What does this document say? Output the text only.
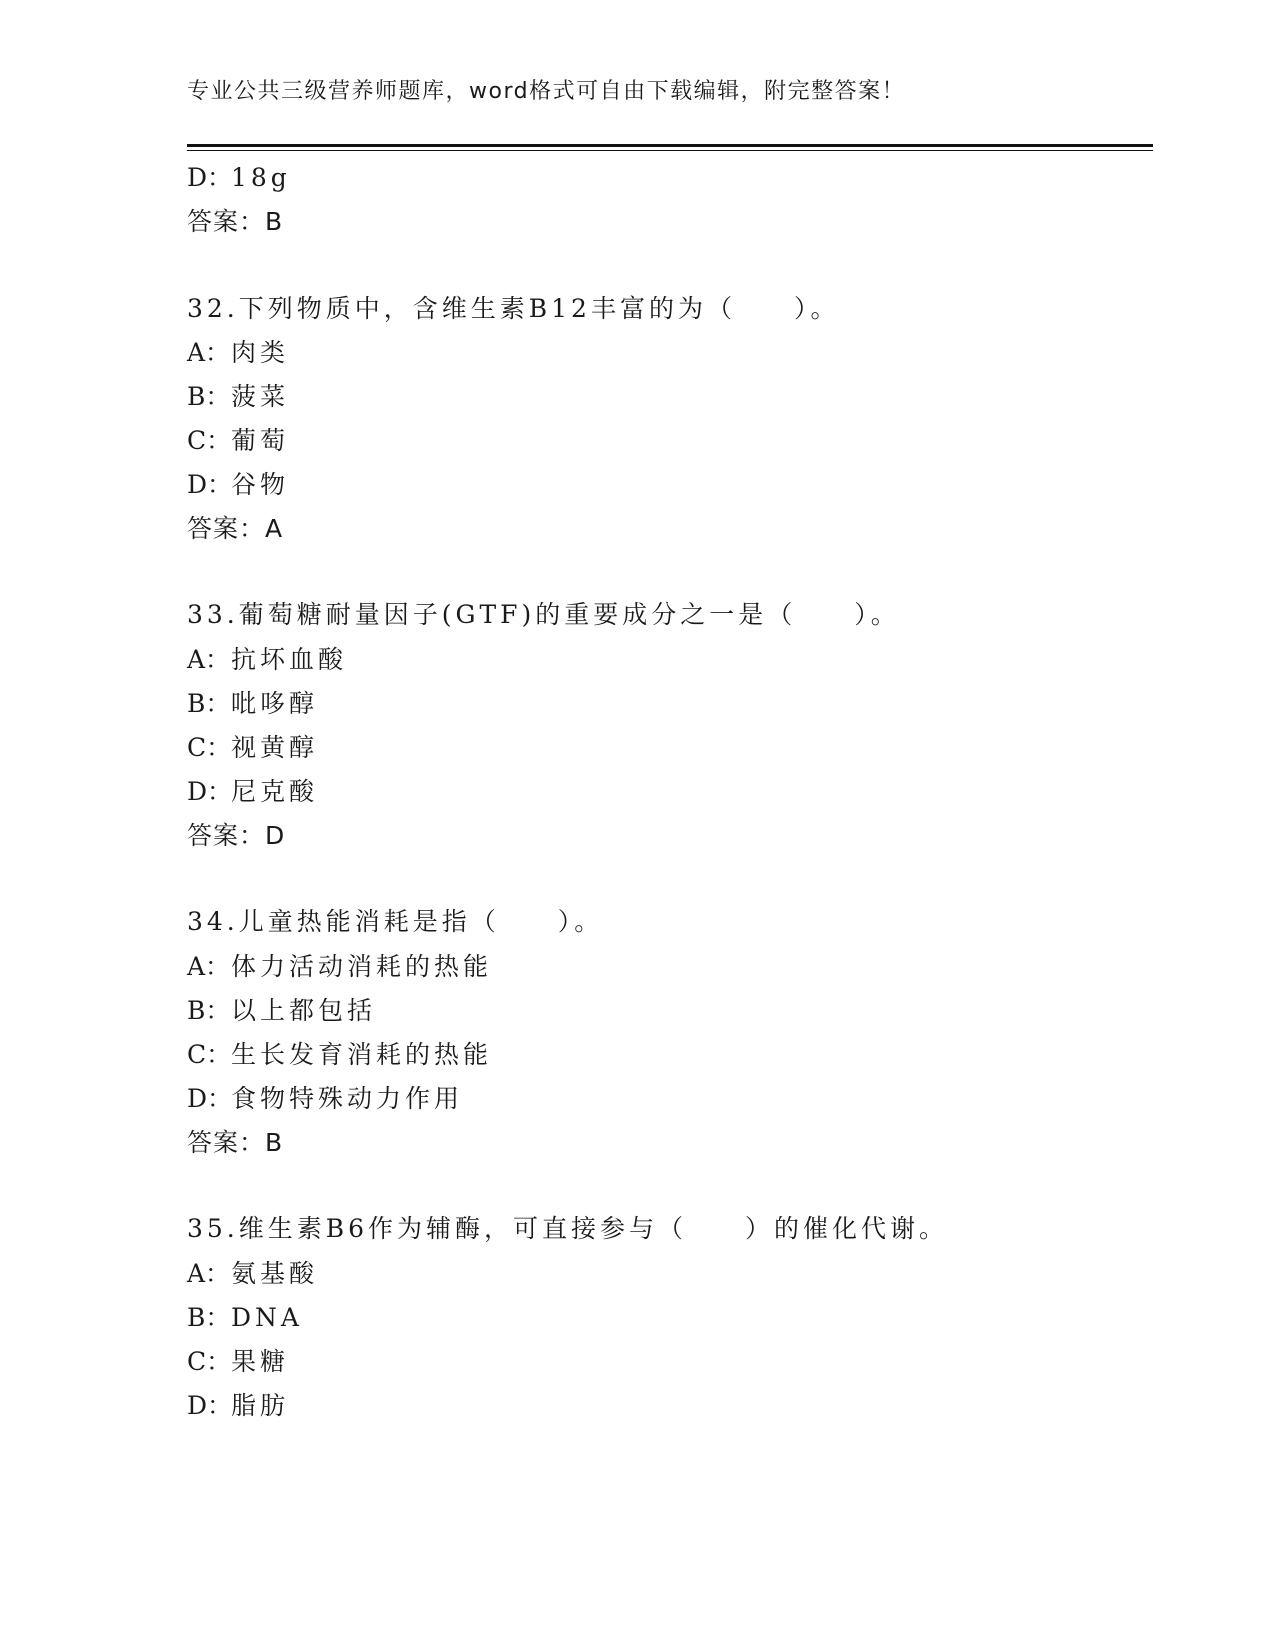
专业公共三级营养师题库，word格式可自由下载编辑，附完整答案！
D：18g
答案：B
32.下列物质中，含维生素B12丰富的为（　　）。
A：肉类
B：菠菜
C：葡萄
D：谷物
答案：A
33.葡萄糖耐量因子(GTF)的重要成分之一是（　　）。
A：抗坏血酸
B：吡哆醇
C：视黄醇
D：尼克酸
答案：D
34.儿童热能消耗是指（　　）。
A：体力活动消耗的热能
B：以上都包括
C：生长发育消耗的热能
D：食物特殊动力作用
答案：B
35.维生素B6作为辅酶，可直接参与（　　）的催化代谢。
A：氨基酸
B：DNA
C：果糖
D：脂肪
